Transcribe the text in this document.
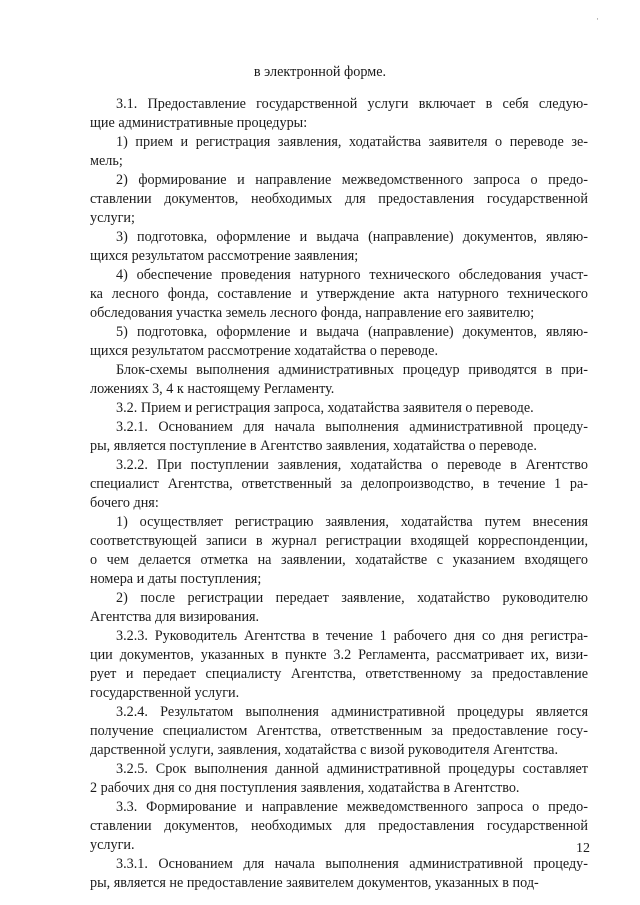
·
в электронной форме.
3.1. Предоставление государственной услуги включает в себя следую-
щие административные процедуры:
1) прием и регистрация заявления, ходатайства заявителя о переводе зе-
мель;
2) формирование и направление межведомственного запроса о предо-
ставлении документов, необходимых для предоставления государственной
услуги;
3) подготовка, оформление и выдача (направление) документов, являю-
щихся результатом рассмотрение заявления;
4) обеспечение проведения натурного технического обследования участ-
ка лесного фонда, составление и утверждение акта натурного технического
обследования участка земель лесного фонда, направление его заявителю;
5) подготовка, оформление и выдача (направление) документов, являю-
щихся результатом рассмотрение ходатайства о переводе.
Блок-схемы выполнения административных процедур приводятся в при-
ложениях 3, 4 к настоящему Регламенту.
3.2. Прием и регистрация запроса, ходатайства заявителя о переводе.
3.2.1. Основанием для начала выполнения административной процеду-
ры, является поступление в Агентство заявления, ходатайства о переводе.
3.2.2. При поступлении заявления, ходатайства о переводе в Агентство
специалист Агентства, ответственный за делопроизводство, в течение 1 ра-
бочего дня:
1) осуществляет регистрацию заявления, ходатайства путем внесения
соответствующей записи в журнал регистрации входящей корреспонденции,
о чем делается отметка на заявлении, ходатайстве с указанием входящего
номера и даты поступления;
2) после регистрации передает заявление, ходатайство руководителю
Агентства для визирования.
3.2.3. Руководитель Агентства в течение 1 рабочего дня со дня регистра-
ции документов, указанных в пункте 3.2 Регламента, рассматривает их, визи-
рует и передает специалисту Агентства, ответственному за предоставление
государственной услуги.
3.2.4. Результатом выполнения административной процедуры является
получение специалистом Агентства, ответственным за предоставление госу-
дарственной услуги, заявления, ходатайства с визой руководителя Агентства.
3.2.5. Срок выполнения данной административной процедуры составляет
2 рабочих дня со дня поступления заявления, ходатайства в Агентство.
3.3. Формирование и направление межведомственного запроса о предо-
ставлении документов, необходимых для предоставления государственной
услуги.
3.3.1. Основанием для начала выполнения административной процеду-
ры, является не предоставление заявителем документов, указанных в под-
12
